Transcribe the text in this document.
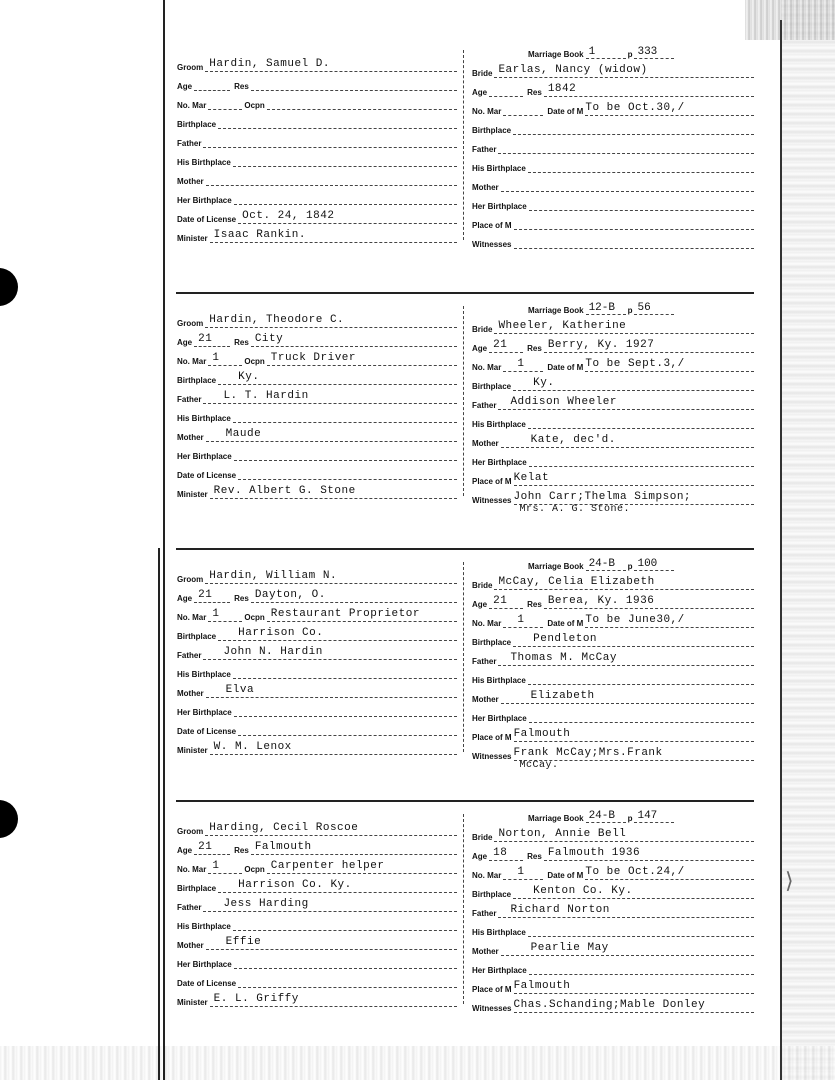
⟩
Groom Hardin, Samuel D.
Age	Res
No. Mar	Ocpn
Birthplace
Father
His Birthplace
Mother
Her Birthplace
Date of License Oct. 24, 1842
Minister Isaac Rankin.
Marriage Book 1	p 333
Bride Earlas, Nancy (widow)
Age	Res 1842
No. Mar	Date of M To be Oct.30,/
Birthplace
Father
His Birthplace
Mother
Her Birthplace
Place of M
Witnesses
Groom Hardin, Theodore C.
Age 21	Res City
No. Mar 1	Ocpn Truck Driver
Birthplace Ky.
Father L. T. Hardin
His Birthplace
Mother Maude
Her Birthplace
Date of License
Minister Rev. Albert G. Stone
Marriage Book 12-B	p 56
Bride Wheeler, Katherine
Age 21 Res Berry, Ky. 1927
No. Mar 1	Date of M To be Sept.3,/
Birthplace Ky.
Father Addison Wheeler
His Birthplace
Mother	Kate, dec'd.
Her Birthplace
Place of M Kelat
Witnesses John Carr;Thelma Simpson;
Mrs. A. G. Stone.
Groom Hardin, William N.
Age 21	Res Dayton, O.
No. Mar 1	Ocpn Restaurant Proprietor
Birthplace Harrison Co.
Father John N. Hardin
His Birthplace
Mother Elva
Her Birthplace
Date of License
Minister W. M. Lenox
Marriage Book 24-B	p 100
Bride McCay, Celia Elizabeth
Age 21 Res Berea, Ky. 1936
No. Mar 1	Date of M To be June30,/
Birthplace Pendleton
Father Thomas M. McCay
His Birthplace
Mother	Elizabeth
Her Birthplace
Place of M Falmouth
Witnesses Frank McCay;Mrs.Frank
McCay.
Groom Harding, Cecil Roscoe
Age 21	Res Falmouth
No. Mar 1	Ocpn Carpenter helper
Birthplace Harrison Co. Ky.
Father Jess Harding
His Birthplace
Mother Effie
Her Birthplace
Date of License
Minister E. L. Griffy
Marriage Book 24-B	p 147
Bride Norton, Annie Bell
Age 18 Res Falmouth 1936
No. Mar 1	Date of M To be Oct.24,/
Birthplace Kenton Co. Ky.
Father Richard Norton
His Birthplace
Mother	Pearlie May
Her Birthplace
Place of M Falmouth
Witnesses Chas.Schanding;Mable Donley
